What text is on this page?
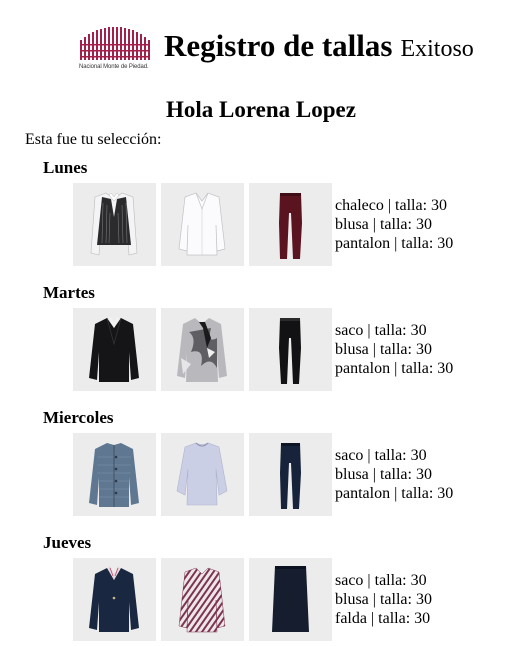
Nacional Monte de Piedad.
Registro de tallas Exitoso
Hola Lorena Lopez
Esta fue tu selección:
Lunes
chaleco | talla: 30
blusa | talla: 30
pantalon | talla: 30
Martes
saco | talla: 30
blusa | talla: 30
pantalon | talla: 30
Miercoles
saco | talla: 30
blusa | talla: 30
pantalon | talla: 30
Jueves
saco | talla: 30
blusa | talla: 30
falda | talla: 30
